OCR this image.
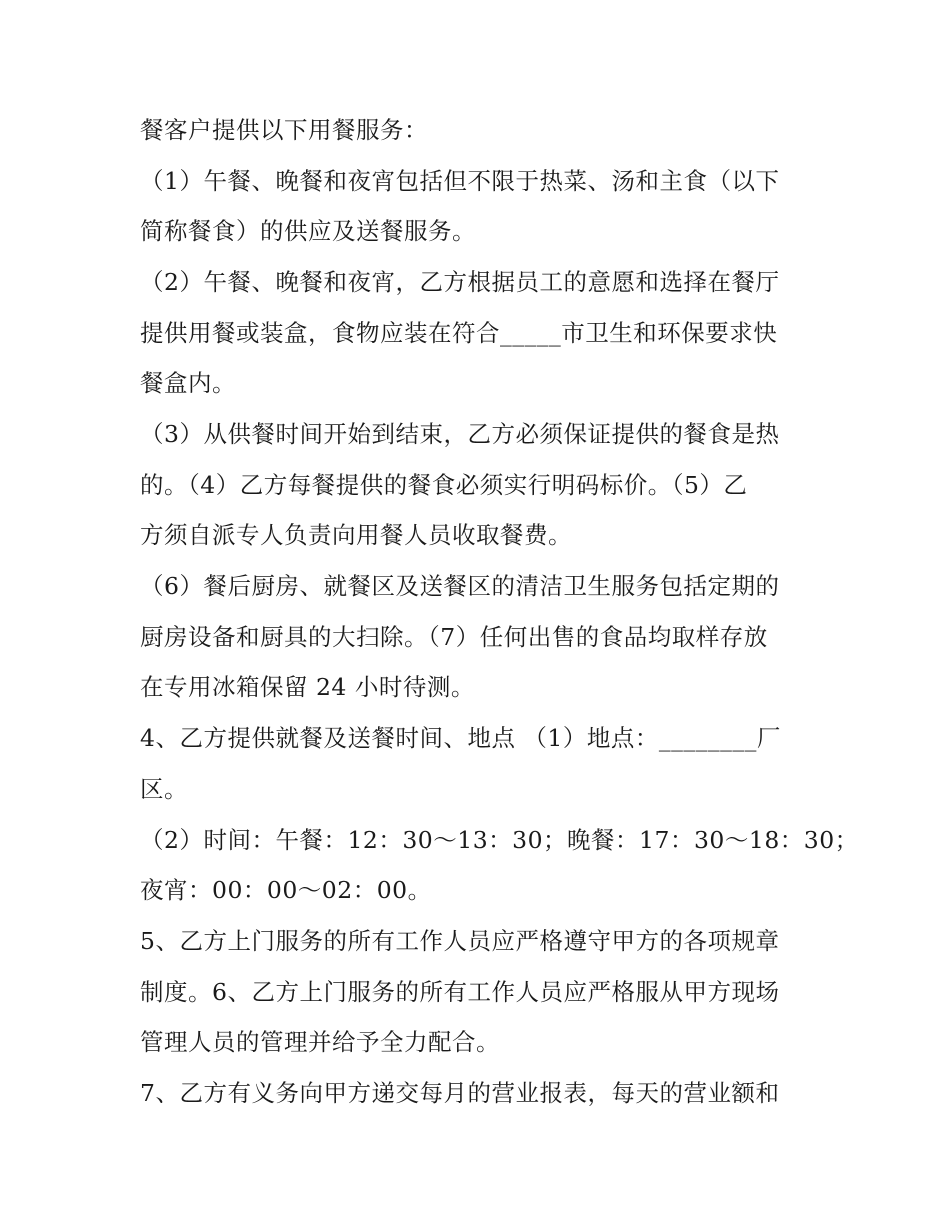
餐客户提供以下用餐服务：
（1）午餐、晚餐和夜宵包括但不限于热菜、汤和主食（以下
简称餐食）的供应及送餐服务。
（2）午餐、晚餐和夜宵，乙方根据员工的意愿和选择在餐厅
提供用餐或装盒，食物应装在符合_____市卫生和环保要求快
餐盒内。
（3）从供餐时间开始到结束，乙方必须保证提供的餐食是热
的。（4）乙方每餐提供的餐食必须实行明码标价。（5）乙
方须自派专人负责向用餐人员收取餐费。
（6）餐后厨房、就餐区及送餐区的清洁卫生服务包括定期的
厨房设备和厨具的大扫除。（7）任何出售的食品均取样存放
在专用冰箱保留 24 小时待测。
4、乙方提供就餐及送餐时间、地点 （1）地点：________厂
区。
（2）时间：午餐：12：30～13：30；晚餐：17：30～18：30；
夜宵：00：00～02：00。
5、乙方上门服务的所有工作人员应严格遵守甲方的各项规章
制度。6、乙方上门服务的所有工作人员应严格服从甲方现场
管理人员的管理并给予全力配合。
7、乙方有义务向甲方递交每月的营业报表，每天的营业额和
